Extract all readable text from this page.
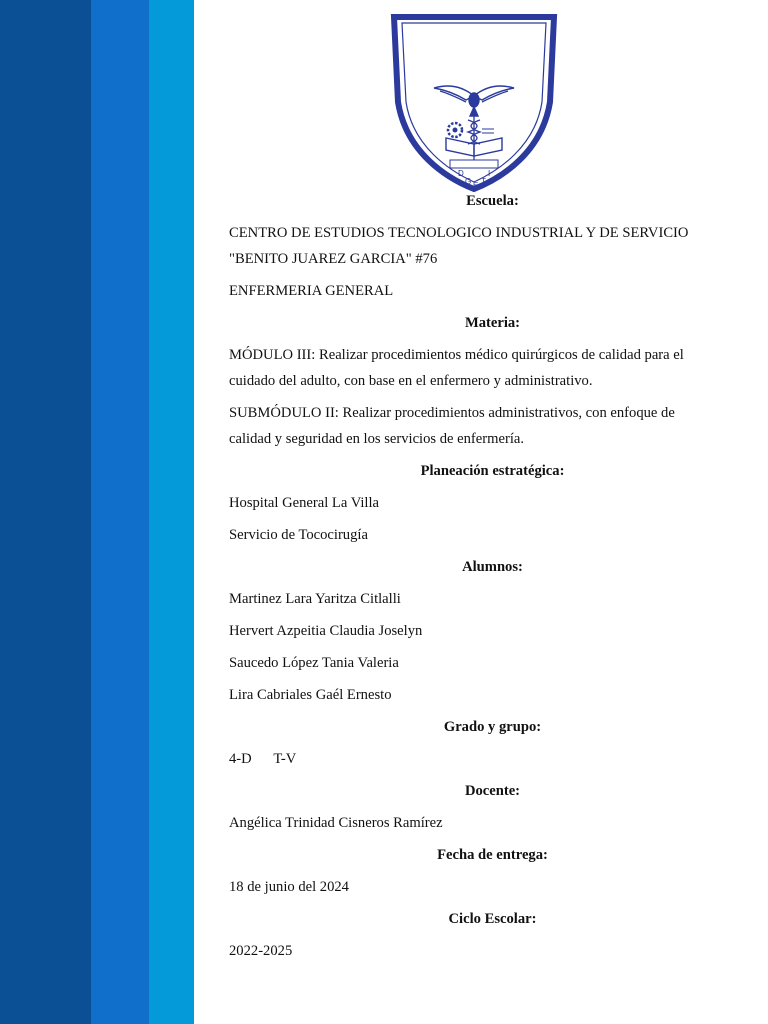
D
G E T
I

Escuela:

CENTRO DE ESTUDIOS TECNOLOGICO INDUSTRIAL Y DE SERVICIO

"BENITO JUAREZ GARCIA" #76

ENFERMERIA GENERAL

Materia:

MÓDULO III: Realizar procedimientos médico quirúrgicos de calidad para el

cuidado del adulto, con base en el enfermero y administrativo.

SUBMÓDULO II: Realizar procedimientos administrativos, con enfoque de

calidad y seguridad en los servicios de enfermería.

Planeación estratégica:

Hospital General La Villa

Servicio de Tococirugía

Alumnos:

Martinez Lara Yaritza Citlalli

Hervert Azpeitia Claudia Joselyn

Saucedo López Tania Valeria

Lira Cabriales Gaél Ernesto

Grado y grupo:

4-D      T-V

Docente:

Angélica Trinidad Cisneros Ramírez

Fecha de entrega:

18 de junio del 2024

Ciclo Escolar:

2022-2025
